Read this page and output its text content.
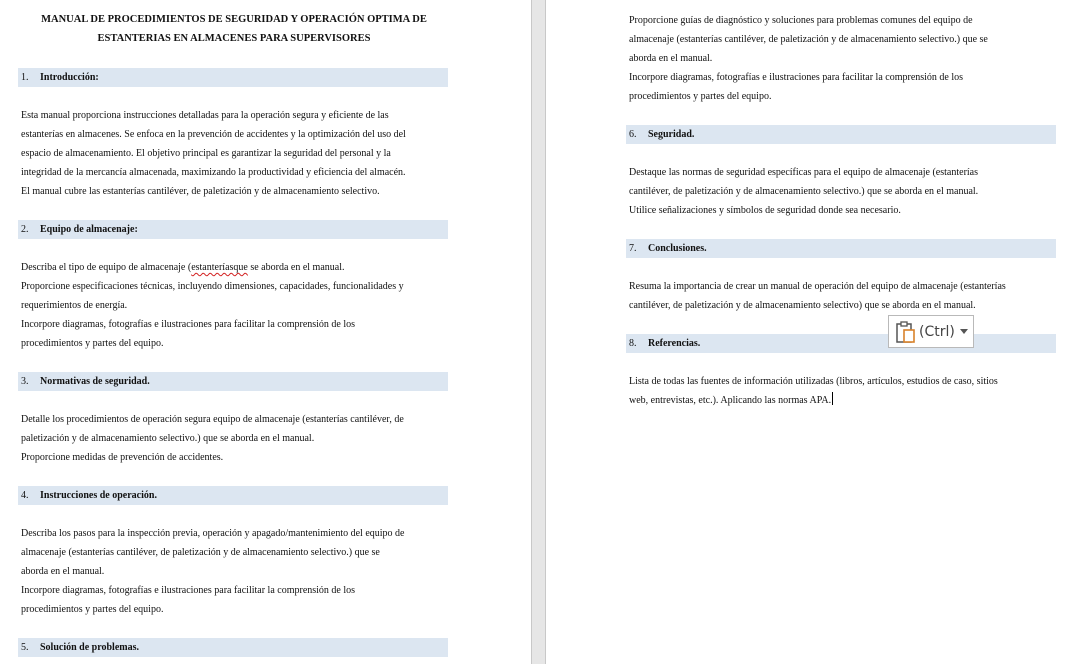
MANUAL DE PROCEDIMIENTOS DE SEGURIDAD Y OPERACIÓN OPTIMA DE
ESTANTERIAS EN ALMACENES PARA SUPERVISORES
1. Introducción:
Esta manual proporciona instrucciones detalladas para la operación segura y eficiente de las
estanterías en almacenes. Se enfoca en la prevención de accidentes y la optimización del uso del
espacio de almacenamiento. El objetivo principal es garantizar la seguridad del personal y la
integridad de la mercancía almacenada, maximizando la productividad y eficiencia del almacén.
El manual cubre las estanterías cantiléver, de paletización y de almacenamiento selectivo.
2. Equipo de almacenaje:
Describa el tipo de equipo de almacenaje (estanteríasque se aborda en el manual.
Proporcione especificaciones técnicas, incluyendo dimensiones, capacidades, funcionalidades y
requerimientos de energía.
Incorpore diagramas, fotografías e ilustraciones para facilitar la comprensión de los
procedimientos y partes del equipo.
3. Normativas de seguridad.
Detalle los procedimientos de operación segura equipo de almacenaje (estanterías cantiléver, de
paletización y de almacenamiento selectivo.) que se aborda en el manual.
Proporcione medidas de prevención de accidentes.
4. Instrucciones de operación.
Describa los pasos para la inspección previa, operación y apagado/mantenimiento del equipo de
almacenaje (estanterías cantiléver, de paletización y de almacenamiento selectivo.) que se
aborda en el manual.
Incorpore diagramas, fotografías e ilustraciones para facilitar la comprensión de los
procedimientos y partes del equipo.
5. Solución de problemas.
Proporcione guías de diagnóstico y soluciones para problemas comunes del equipo de
almacenaje (estanterías cantiléver, de paletización y de almacenamiento selectivo.) que se
aborda en el manual.
Incorpore diagramas, fotografías e ilustraciones para facilitar la comprensión de los
procedimientos y partes del equipo.
6. Seguridad.
Destaque las normas de seguridad específicas para el equipo de almacenaje (estanterías
cantiléver, de paletización y de almacenamiento selectivo.) que se aborda en el manual.
Utilice señalizaciones y símbolos de seguridad donde sea necesario.
7. Conclusiones.
Resuma la importancia de crear un manual de operación del equipo de almacenaje (estanterías
cantiléver, de paletización y de almacenamiento selectivo) que se aborda en el manual.
8. Referencias.
Lista de todas las fuentes de información utilizadas (libros, artículos, estudios de caso, sitios
web, entrevistas, etc.). Aplicando las normas APA.
(Ctrl)
